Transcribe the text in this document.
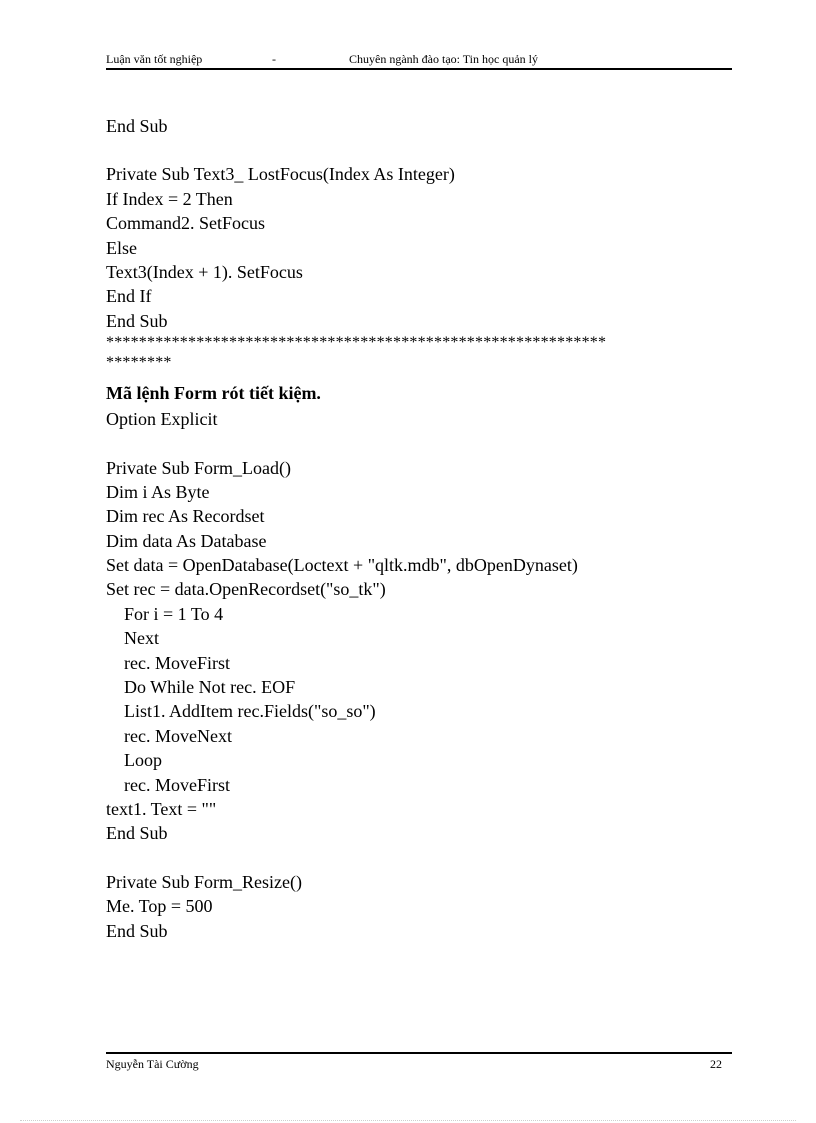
Luận văn tốt nghiệp	-	Chuyên ngành đào tạo: Tin học quản lý
End Sub
Private Sub Text3_ LostFocus(Index As Integer)
If Index = 2 Then
Command2. SetFocus
Else
Text3(Index + 1). SetFocus
End If
End Sub
*************************************************************
********
Mã lệnh Form rót tiết kiệm.
Option Explicit
Private Sub Form_Load()
Dim i As Byte
Dim rec As Recordset
Dim data As Database
Set data = OpenDatabase(Loctext + "qltk.mdb", dbOpenDynaset)
Set rec = data.OpenRecordset("so_tk")
For i = 1 To 4
Next
rec. MoveFirst
Do While Not rec. EOF
List1. AddItem rec.Fields("so_so")
rec. MoveNext
Loop
rec. MoveFirst
text1. Text = ""
End Sub
Private Sub Form_Resize()
Me. Top = 500
End Sub
Nguyễn Tài Cường	22
